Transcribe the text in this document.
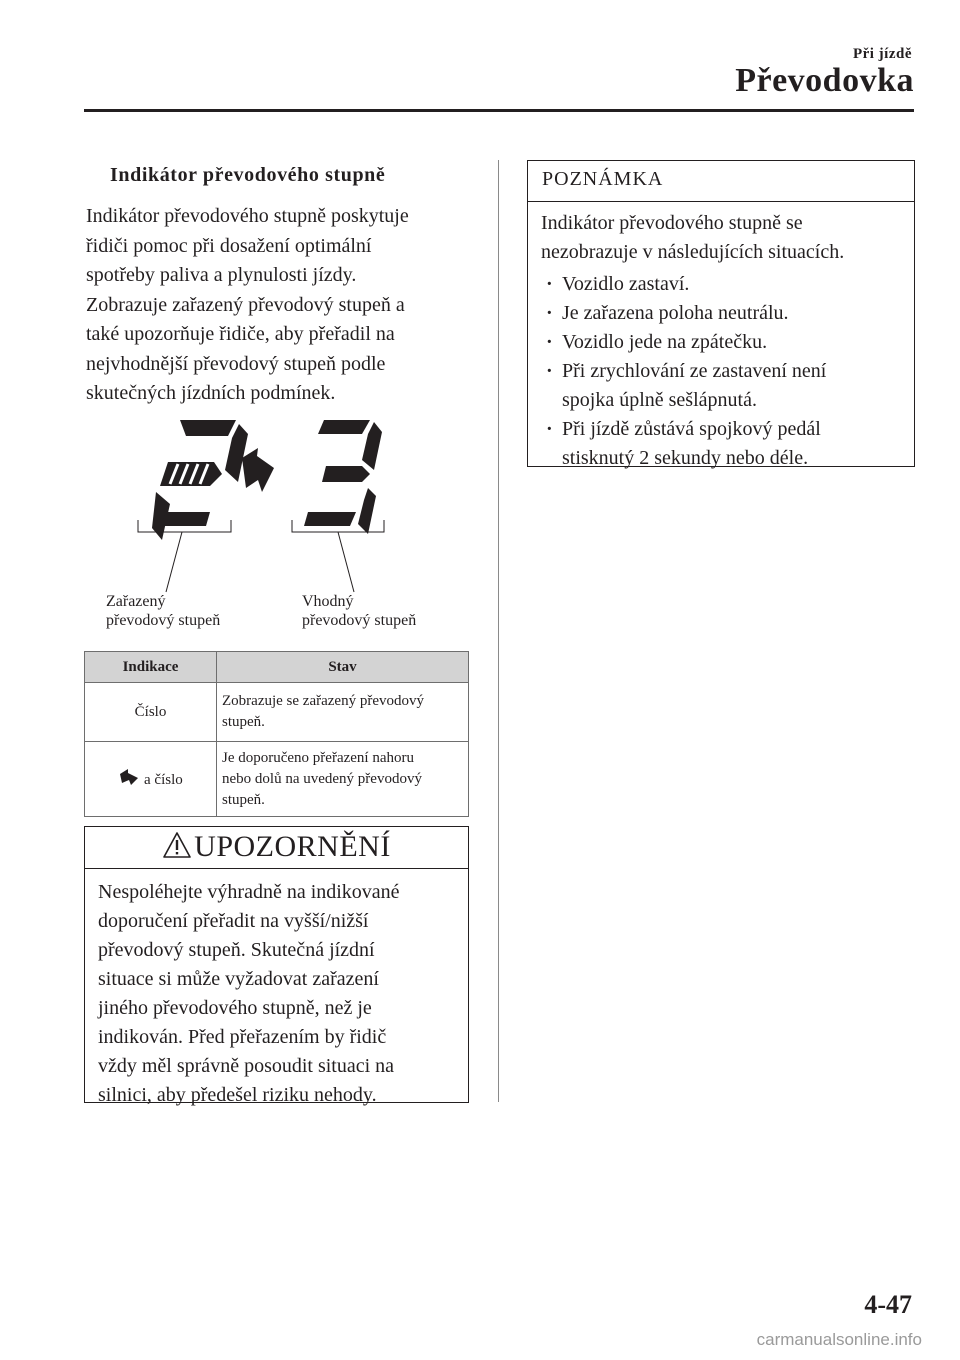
Při jízdě
Převodovka
Indikátor převodového stupně
Indikátor převodového stupně poskytuje
řidiči pomoc při dosažení optimální
spotřeby paliva a plynulosti jízdy.
Zobrazuje zařazený převodový stupeň a
také upozorňuje řidiče, aby přeřadil na
nejvhodnější převodový stupeň podle
skutečných jízdních podmínek.
Zařazený
převodový stupeň
Vhodný
převodový stupeň
Indikace	Stav
Číslo	Zobrazuje se zařazený převodový
stupeň.

a číslo	Je doporučeno přeřazení nahoru
nebo dolů na uvedený převodový
stupeň.
UPOZORNĚNÍ
Nespoléhejte výhradně na indikované
doporučení přeřadit na vyšší/nižší
převodový stupeň. Skutečná jízdní
situace si může vyžadovat zařazení
jiného převodového stupně, než je
indikován. Před přeřazením by řidič
vždy měl správně posoudit situaci na
silnici, aby předešel riziku nehody.
POZNÁMKA
Indikátor převodového stupně se
nezobrazuje v následujících situacích.
· Vozidlo zastaví.
· Je zařazena poloha neutrálu.
· Vozidlo jede na zpátečku.
· Při zrychlování ze zastavení není
spojka úplně sešlápnutá.
· Při jízdě zůstává spojkový pedál
stisknutý 2 sekundy nebo déle.
4-47
carmanualsonline.info
